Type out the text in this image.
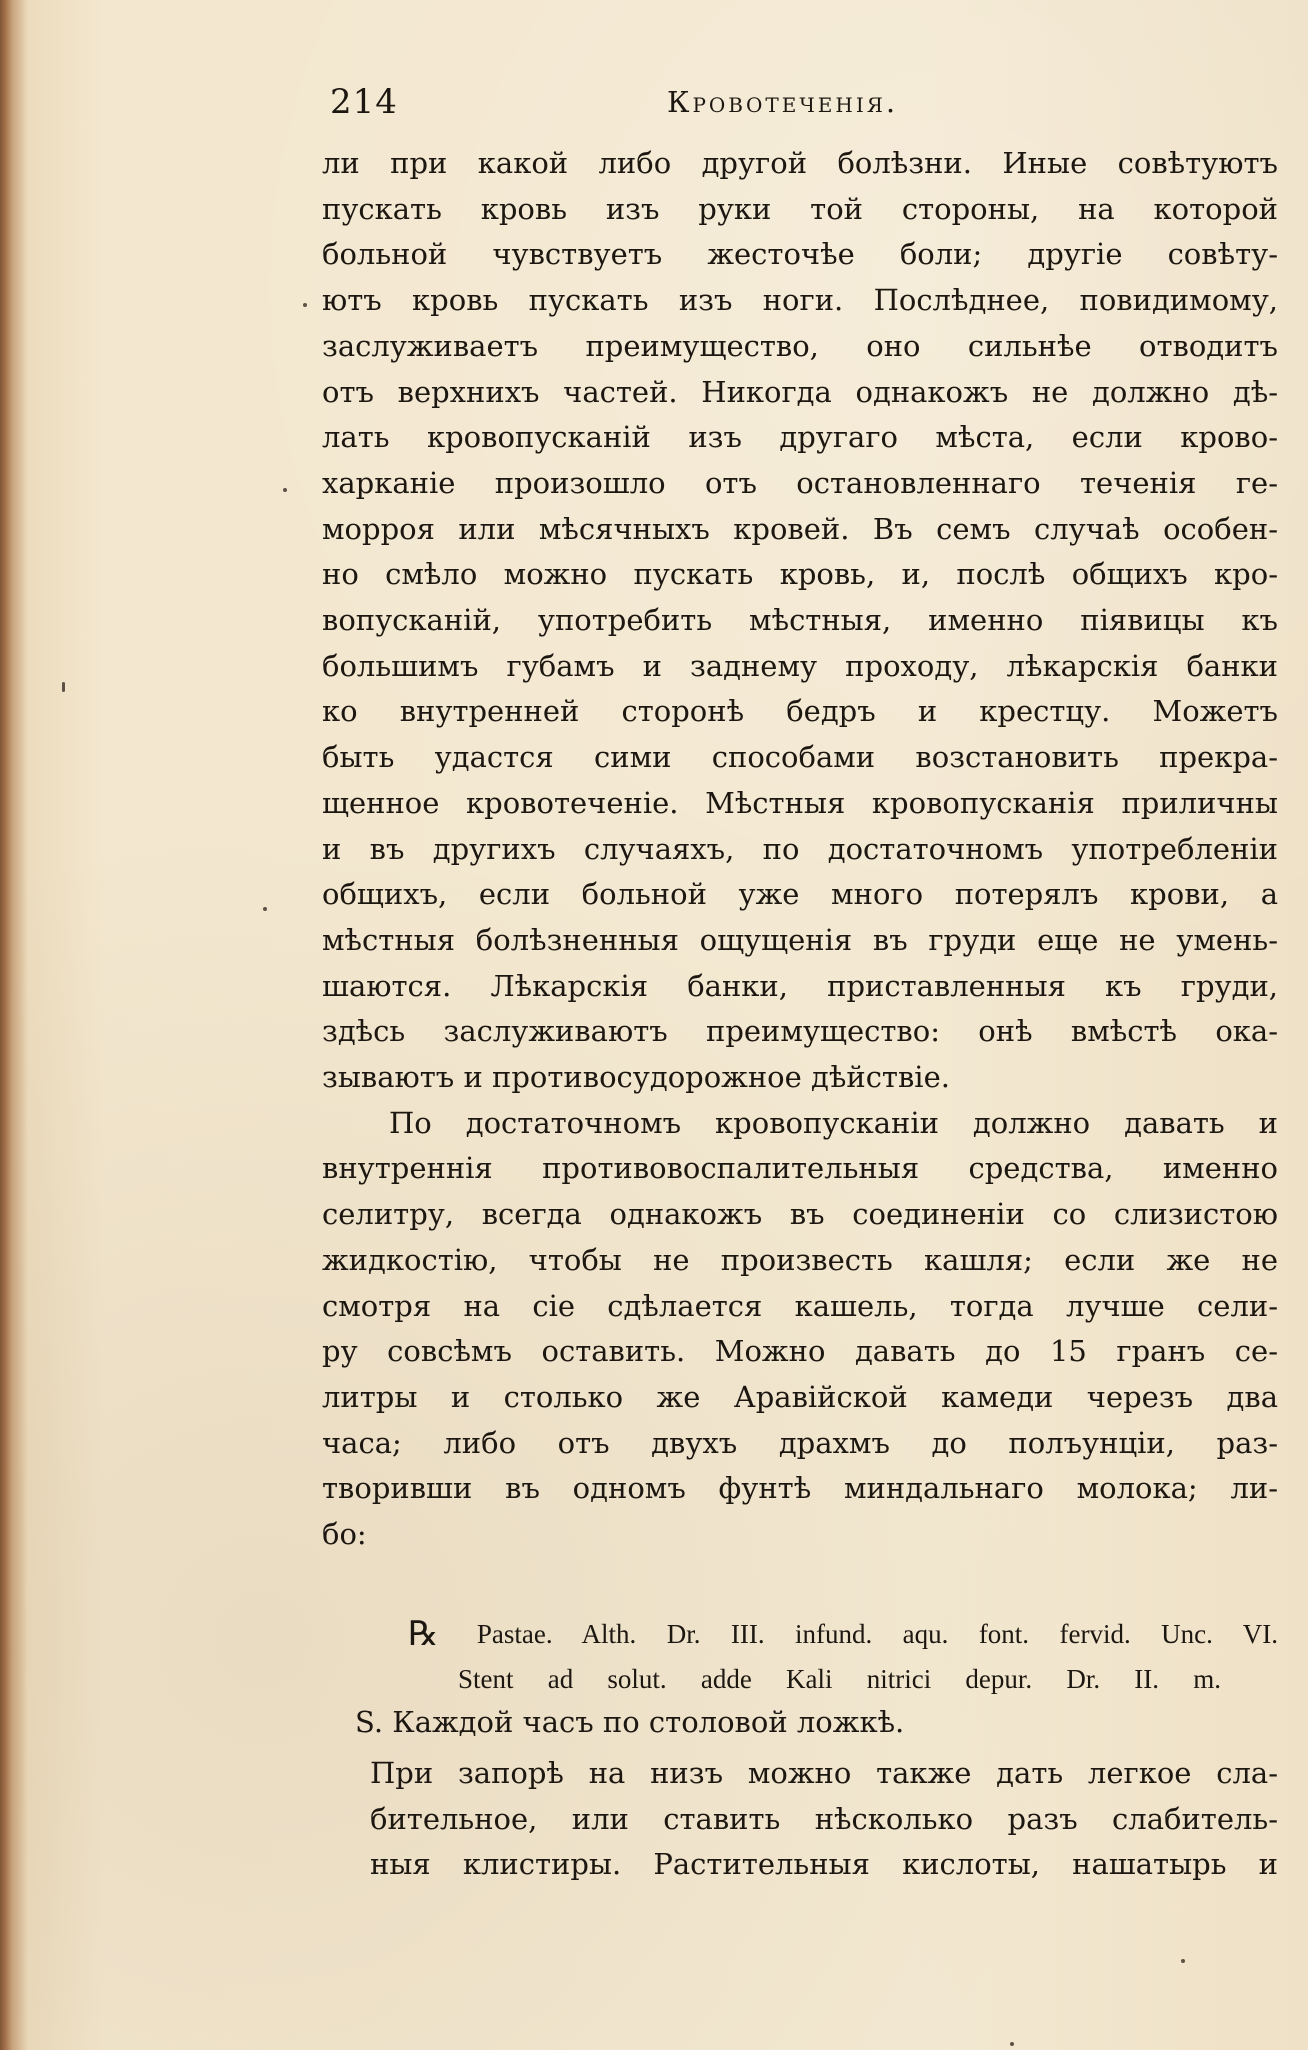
214	Кровотеченія.
ли при какой либо другой болѣзни. Иные совѣтуютъ
пускать кровь изъ руки той стороны, на которой
больной чувствуетъ жесточѣе боли; другіе совѣту-
ютъ кровь пускать изъ ноги. Послѣднее, повидимому,
заслуживаетъ преимущество, оно сильнѣе отводитъ
отъ верхнихъ частей. Никогда однакожъ не должно дѣ-
лать кровопусканій изъ другаго мѣста, если крово-
харканіе произошло отъ остановленнаго теченія ге-
морроя или мѣсячныхъ кровей. Въ семъ случаѣ особен-
но смѣло можно пускать кровь, и, послѣ общихъ кро-
вопусканій, употребить мѣстныя, именно піявицы къ
большимъ губамъ и заднему проходу, лѣкарскія банки
ко внутренней сторонѣ бедръ и крестцу. Можетъ
быть удастся сими способами возстановить прекра-
щенное кровотеченіе. Мѣстныя кровопусканія приличны
и въ другихъ случаяхъ, по достаточномъ употребленіи
общихъ, если больной уже много потерялъ крови, а
мѣстныя болѣзненныя ощущенія въ груди еще не умень-
шаются. Лѣкарскія банки, приставленныя къ груди,
здѣсь заслуживаютъ преимущество: онѣ вмѣстѣ ока-
зываютъ и противосудорожное дѣйствіе.
По достаточномъ кровопусканіи должно давать и
внутреннія противовоспалительныя средства, именно
селитру, всегда однакожъ въ соединеніи со слизистою
жидкостію, чтобы не произвесть кашля; если же не
смотря на сіе сдѣлается кашель, тогда лучше сели-
ру совсѣмъ оставить. Можно давать до 15 гранъ се-
литры и столько же Аравійской камеди черезъ два
часа; либо отъ двухъ драхмъ до полъунціи, раз-
творивши въ одномъ фунтѣ миндальнаго молока; ли-
бо:
℞ Pastae. Alth. Dr. III. infund. aqu. font. fervid. Unc. VI.
Stent ad solut. adde Kali nitrici depur. Dr. II. m.
S. Каждой часъ по столовой ложкѣ.
При запорѣ на низъ можно также дать легкое сла-
бительное, или ставить нѣсколько разъ слабитель-
ныя клистиры. Растительныя кислоты, нашатырь и
